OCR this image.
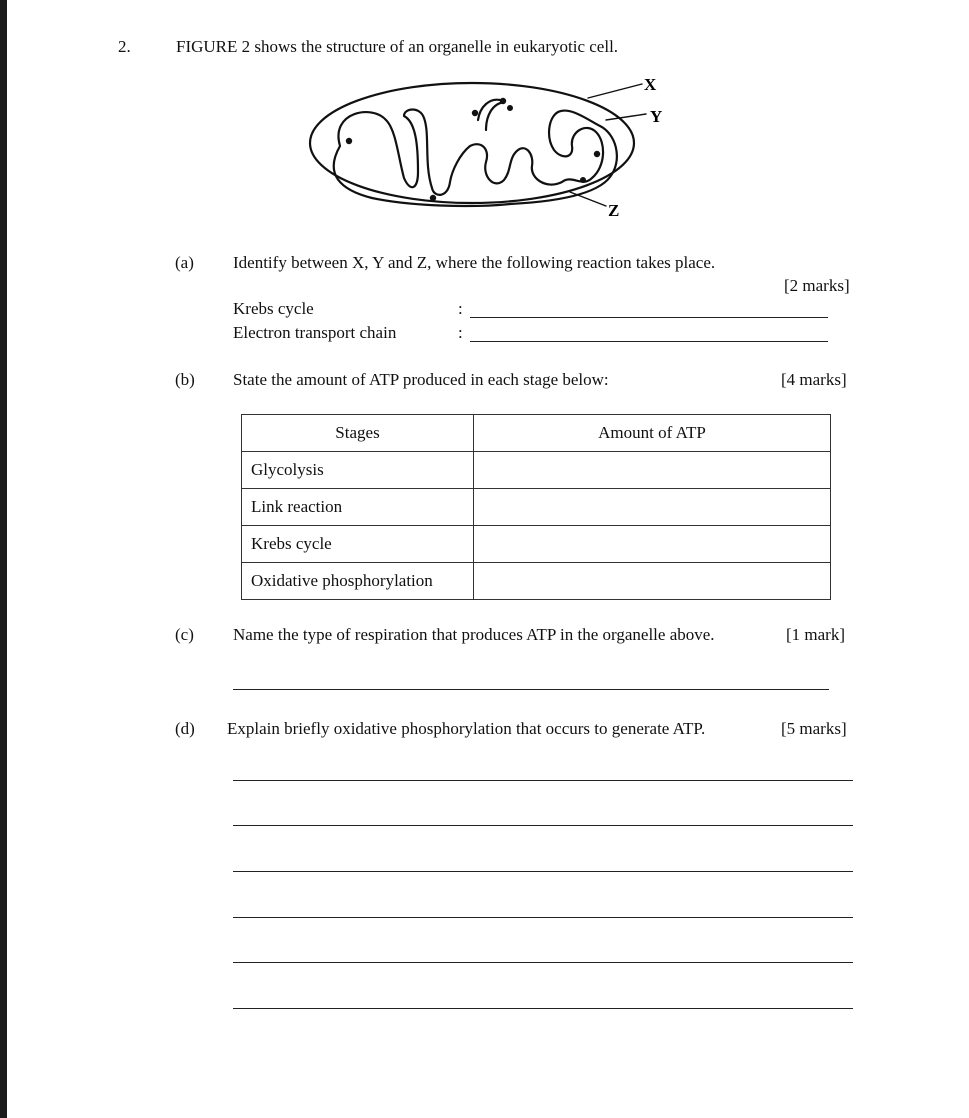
2.	FIGURE 2 shows the structure of an organelle in eukaryotic cell.
X
Y
Z
(a) Identify between X, Y and Z, where the following reaction takes place.
[2 marks]
Krebs cycle	:
Electron transport chain	:
(b) State the amount of ATP produced in each stage below:	[4 marks]
Stages	Amount of ATP
Glycolysis	
Link reaction	
Krebs cycle	
Oxidative phosphorylation	
(c) Name the type of respiration that produces ATP in the organelle above.	[1 mark]
(d) Explain briefly oxidative phosphorylation that occurs to generate ATP.	[5 marks]
